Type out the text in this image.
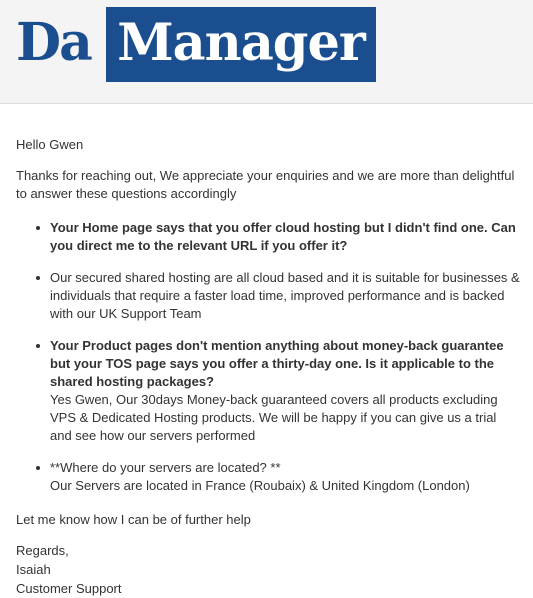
Da Manager
Hello Gwen
Thanks for reaching out, We appreciate your enquiries and we are more than delightful to answer these questions accordingly
Your Home page says that you offer cloud hosting but I didn't find one. Can you direct me to the relevant URL if you offer it?
Our secured shared hosting are all cloud based and it is suitable for businesses & individuals that require a faster load time, improved performance and is backed with our UK Support Team
Your Product pages don't mention anything about money-back guarantee but your TOS page says you offer a thirty-day one. Is it applicable to the shared hosting packages?
Yes Gwen, Our 30days Money-back guaranteed covers all products excluding VPS & Dedicated Hosting products. We will be happy if you can give us a trial and see how our servers performed
**Where do your servers are located? **
Our Servers are located in France (Roubaix) & United Kingdom (London)
Let me know how I can be of further help
Regards,
Isaiah
Customer Support
